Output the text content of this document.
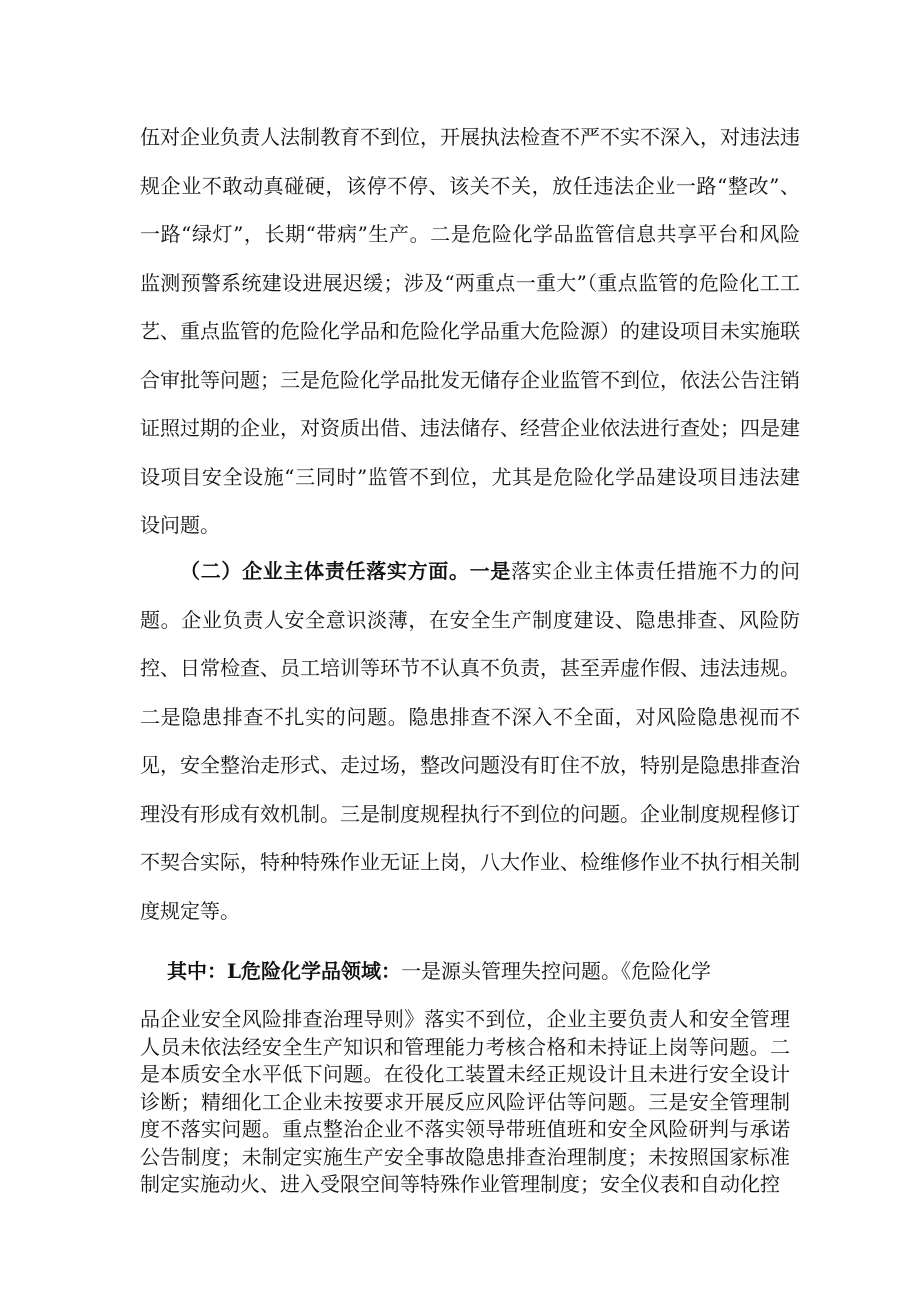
伍对企业负责人法制教育不到位，开展执法检查不严不实不深入，对违法违规企业不敢动真碰硬，该停不停、该关不关，放任违法企业一路“整改”、一路“绿灯”，长期“带病”生产。二是危险化学品监管信息共享平台和风险监测预警系统建设进展迟缓；涉及“两重点一重大”（重点监管的危险化工工艺、重点监管的危险化学品和危险化学品重大危险源）的建设项目未实施联合审批等问题；三是危险化学品批发无储存企业监管不到位，依法公告注销证照过期的企业，对资质出借、违法储存、经营企业依法进行查处；四是建设项目安全设施“三同时”监管不到位，尤其是危险化学品建设项目违法建设问题。

（二）企业主体责任落实方面。一是落实企业主体责任措施不力的问题。企业负责人安全意识淡薄，在安全生产制度建设、隐患排查、风险防控、日常检查、员工培训等环节不认真不负责，甚至弄虚作假、违法违规。二是隐患排查不扎实的问题。隐患排查不深入不全面，对风险隐患视而不见，安全整治走形式、走过场，整改问题没有盯住不放，特别是隐患排查治理没有形成有效机制。三是制度规程执行不到位的问题。企业制度规程修订不契合实际，特种特殊作业无证上岗，八大作业、检维修作业不执行相关制度规定等。

其中：L危险化学品领域：一是源头管理失控问题。《危险化学

品企业安全风险排查治理导则》落实不到位，企业主要负责人和安全管理人员未依法经安全生产知识和管理能力考核合格和未持证上岗等问题。二是本质安全水平低下问题。在役化工装置未经正规设计且未进行安全设计诊断；精细化工企业未按要求开展反应风险评估等问题。三是安全管理制度不落实问题。重点整治企业不落实领导带班值班和安全风险研判与承诺公告制度；未制定实施生产安全事故隐患排查治理制度；未按照国家标准制定实施动火、进入受限空间等特殊作业管理制度；安全仪表和自动化控
